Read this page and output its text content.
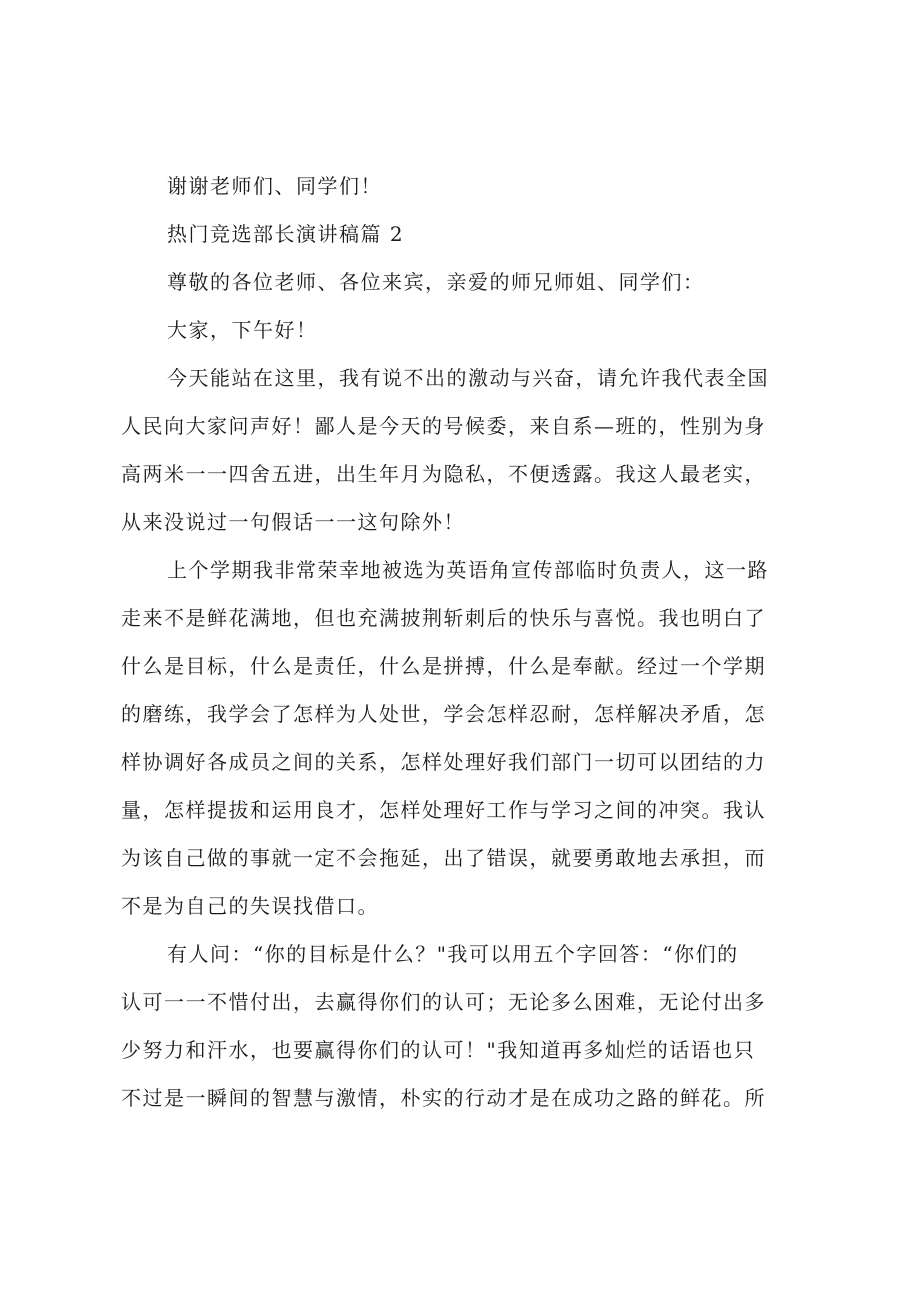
谢谢老师们、同学们！
热门竞选部长演讲稿篇 2
尊敬的各位老师、各位来宾，亲爱的师兄师姐、同学们：
大家，下午好！
今天能站在这里，我有说不出的激动与兴奋，请允许我代表全国
人民向大家问声好！鄙人是今天的号候委，来自系—班的，性别为身
高两米一一四舍五进，出生年月为隐私，不便透露。我这人最老实，
从来没说过一句假话一一这句除外！
上个学期我非常荣幸地被选为英语角宣传部临时负责人，这一路
走来不是鲜花满地，但也充满披荆斩刺后的快乐与喜悦。我也明白了
什么是目标，什么是责任，什么是拼搏，什么是奉献。经过一个学期
的磨练，我学会了怎样为人处世，学会怎样忍耐，怎样解决矛盾，怎
样协调好各成员之间的关系，怎样处理好我们部门一切可以团结的力
量，怎样提拔和运用良才，怎样处理好工作与学习之间的冲突。我认
为该自己做的事就一定不会拖延，出了错误，就要勇敢地去承担，而
不是为自己的失误找借口。
有人问：“你的目标是什么？"我可以用五个字回答：“你们的
认可一一不惜付出，去赢得你们的认可；无论多么困难，无论付出多
少努力和汗水，也要赢得你们的认可！"我知道再多灿烂的话语也只
不过是一瞬间的智慧与激情，朴实的行动才是在成功之路的鲜花。所
